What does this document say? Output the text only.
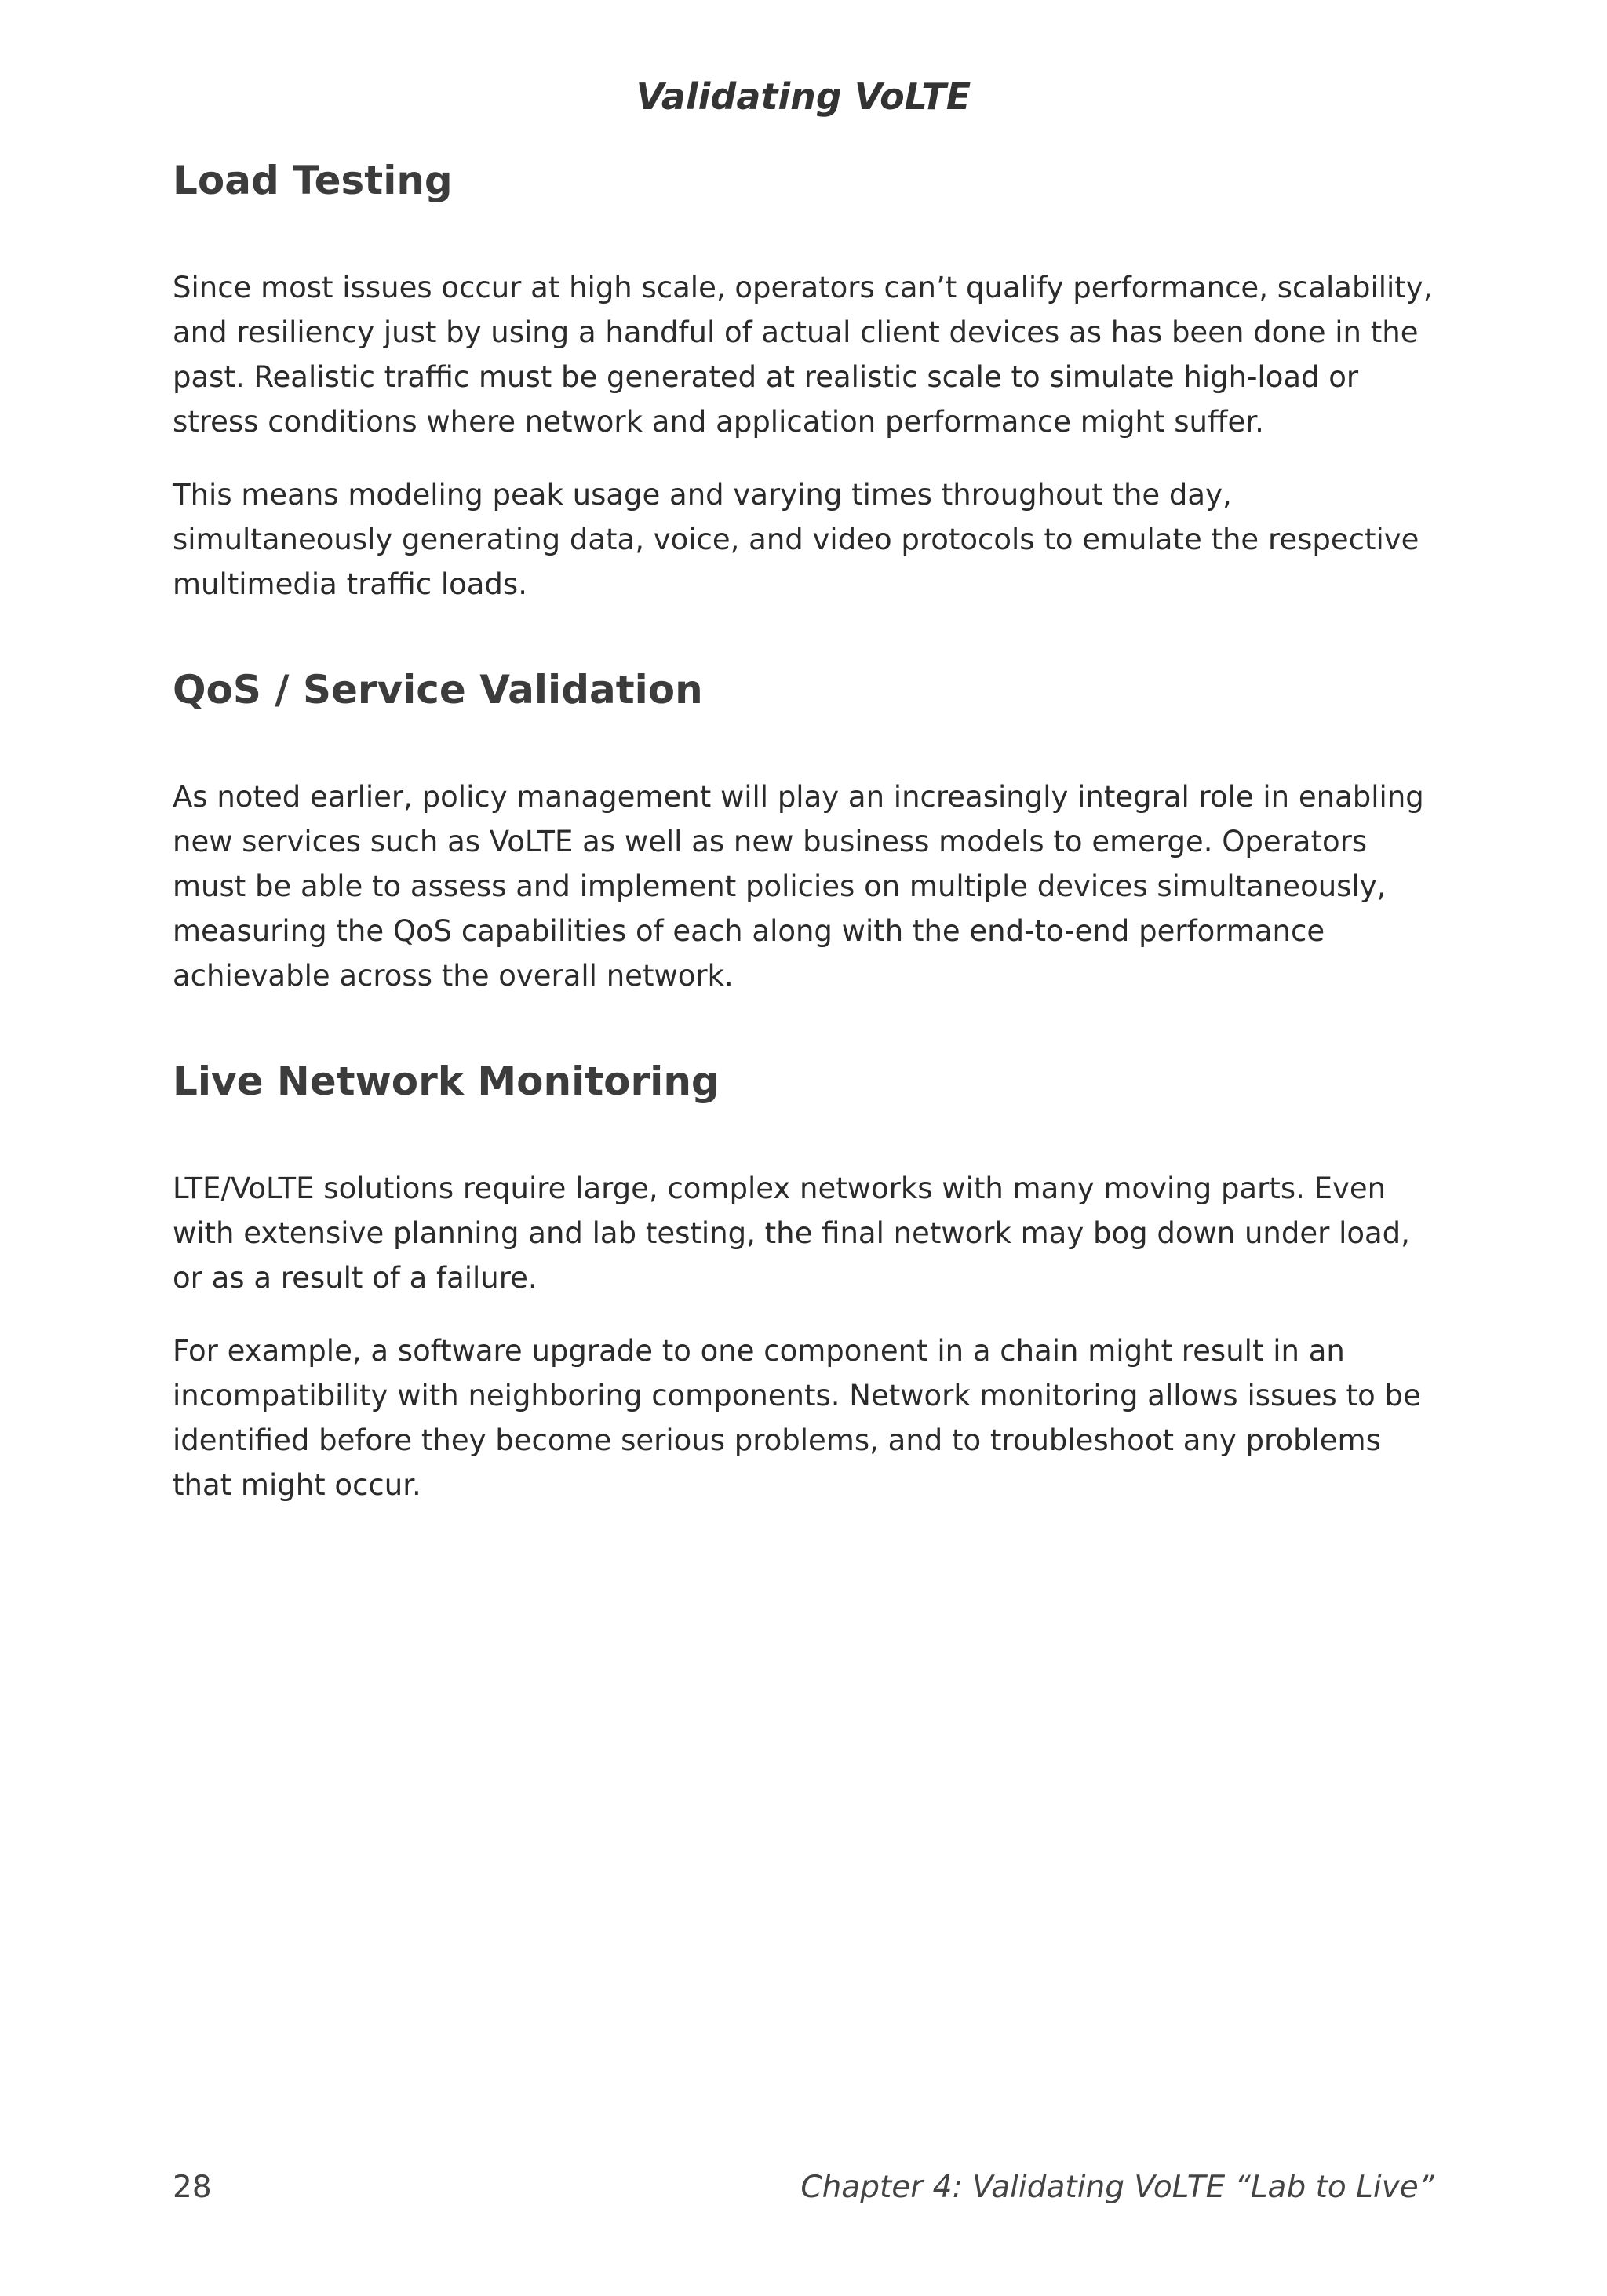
Validating VoLTE
Load Testing

Since most issues occur at high scale, operators can’t qualify performance, scalability, and resiliency just by using a handful of actual client devices as has been done in the past. Realistic traffic must be generated at realistic scale to simulate high-load or stress conditions where network and application performance might suffer.

This means modeling peak usage and varying times throughout the day, simultaneously generating data, voice, and video protocols to emulate the respective multimedia traffic loads.

QoS / Service Validation

As noted earlier, policy management will play an increasingly integral role in enabling new services such as VoLTE as well as new business models to emerge. Operators must be able to assess and implement policies on multiple devices simultaneously, measuring the QoS capabilities of each along with the end-to-end performance achievable across the overall network.

Live Network Monitoring

LTE/VoLTE solutions require large, complex networks with many moving parts. Even with extensive planning and lab testing, the final network may bog down under load, or as a result of a failure.

For example, a software upgrade to one component in a chain might result in an incompatibility with neighboring components. Network monitoring allows issues to be identified before they become serious problems, and to troubleshoot any problems that might occur.

28	Chapter 4: Validating VoLTE “Lab to Live”
